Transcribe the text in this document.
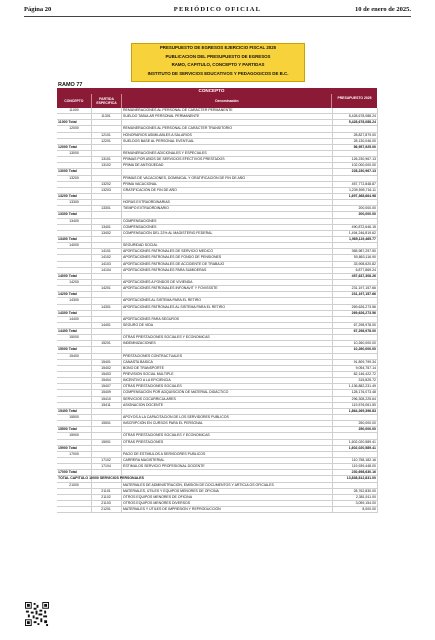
Página 20	PERIÓDICO OFICIAL	10 de enero de 2025.
PRESUPUESTO DE EGRESOS EJERCICIO FISCAL 2025
PUBLICACION DEL PRESUPUESTO DE EGRESOS
RAMO, CAPITULO, CONCEPTO Y PARTIDAS
INSTITUTO DE SERVICIOS EDUCATIVOS Y PEDAGOGICOS DE B.C.
RAMO 77
CONCEPTO
PRESUPUESTO 2025
CONCEPTO	PARTIDA ESPECIFICA	Denominación
11000	REMUNERACIONES AL PERSONAL DE CARÁCTER PERMANENTE
11301	SUELDO TABULAR PERSONAL PERMANENTE	5,428,678,088.24
11000 Total	5,428,678,088.24
12000	REMUNERACIONES AL PERSONAL DE CARÁCTER TRANSITORIO
12101	HONORARIOS ASIMILABLES A SALARIOS	28,827,879.00
12201	SUELDOS BASE AL PERSONAL EVENTUAL	28,130,046.00
12000 Total	56,957,925.00
13000	REMUNERACIONES ADICIONALES Y ESPECIALES
13101	PRIMAS POR AÑOS DE SERVICIOS EFECTIVOS PRESTADOS	126,230,967.13
13102	PRIMA DE ANTIGÜEDAD	102,000,000.00
13000 Total	228,230,967.13
13200	PRIMAS DE VACACIONES, DOMINICAL Y GRATIFICACIÓN DE FIN DE AÑO
13202	PRIMA VACACIONAL	457,772,848.87
13203	GRATIFICACIÓN DE FIN DE AÑO	1,239,595,716.11
13200 Total	1,697,368,664.98
13300	HORAS EXTRAORDINARIAS
13301	TIEMPO EXTRAORDINARIO	200,000.00
13300 Total	200,000.00
13400	COMPENSACIONES
13401	COMPENSACIONES	490,872,646.15
13402	COMPENSACIÓN DEL 22% AL MAGISTERIO FEDERAL	1,494,246,819.62
13400 Total	1,985,119,465.77
14000	SEGURIDAD SOCIAL
14101	APORTACIONES PATRONALES DE SERVICIO MEDICO	365,987,297.50
14102	APORTACIONES PATRONALES DE FONDO DE PENSIONES	50,863,116.90
14103	APORTACIONES PATRONALES DE ACCIDENTE DE TRABAJO	33,908,620.82
14104	APORTACIONES PATRONALES PARA SUMIDERAS	6,877,869.24
14000 Total	457,637,308.26
14200	APORTACIONES A FONDOS DE VIVIENDA
14201	APORTACIONES PATRONALES INFONAVIT Y FOVISSSTE	231,197,157.66
14200 Total	231,197,157.66
14300	APORTACIONES AL SISTEMA PARA EL RETIRO
14301	APORTACIONES PATRONALES AL SISTEMA PARA EL RETIRO	269,626,273.56
14300 Total	269,626,273.56
14400	APORTACIONES PARA SEGUROS
14401	SEGURO DE VIDA	67,298,978.00
14400 Total	67,298,978.00
15000	OTRAS PRESTACIONES SOCIALES Y ECONOMICAS
15201	INDEMNIZACIONES	10,260,000.00
15000 Total	10,260,000.00
15400	PRESTACIONES CONTRACTUALES
15401	CANASTA BASICA	91,809,799.34
15402	BONO DE TRANSPORTE	9,054,757.14
15403	PREVISION SOCIAL MULTIPLE	82,146,422.72
15404	INCENTIVO A LA EFICIENCIA	315,825.72
15407	OTRAS PRESTACIONES SOCIALES	1,136,882,231.49
15409	COMPENSACIÓN POR ADQUISICIÓN DE MATERIAL DIDÁCTICO	128,176,073.48
15410	SERVICIOS COCURRICULARES	296,308,225.64
15411	ASIGNACION DOCENTE	119,576,061.50
15400 Total	1,864,269,396.83
15500	APOYOS A LA CAPACITACION DE LOS SERVIDORES PUBLICOS
15501	INSCRIPCIÓN EN CURSOS PARA EL PERSONAL	250,000.00
15500 Total	250,000.00
15900	OTRAS PRESTACIONES SOCIALES Y ECONOMICAS
15901	OTRAS PRESTACIONES	1,602,020,589.41
15900 Total	1,602,020,589.41
17000	PAGO DE ESTIMULOS A SERVIDORES PUBLICOS
17102	CARRERA MAGISTERIAL	110,758,182.16
17104	ESTIMULOS SERVICIO PROFESIONAL DOCENTE	119,939,448.00
17000 Total	230,698,630.16
TOTAL CAPITULO 10000 SERVICIOS PERSONALES	13,838,812,831.00
21000	MATERIALES DE ADMINISTRACIÓN, EMISIÓN DE DOCUMENTOS Y ARTÍCULOS OFICIALES
21101	MATERIALES, ÚTILES Y EQUIPOS MENORES DE OFICINA	28,762,830.00
21102	OTROS EQUIPOS MENORES DE OFICINA	2,381,511.00
21103	OTROS EQUIPOS MENORES DIVERSOS	3,059,154.00
21201	MATERIALES Y ÚTILES DE IMPRESIÓN Y REPRODUCCIÓN	8,000.00
